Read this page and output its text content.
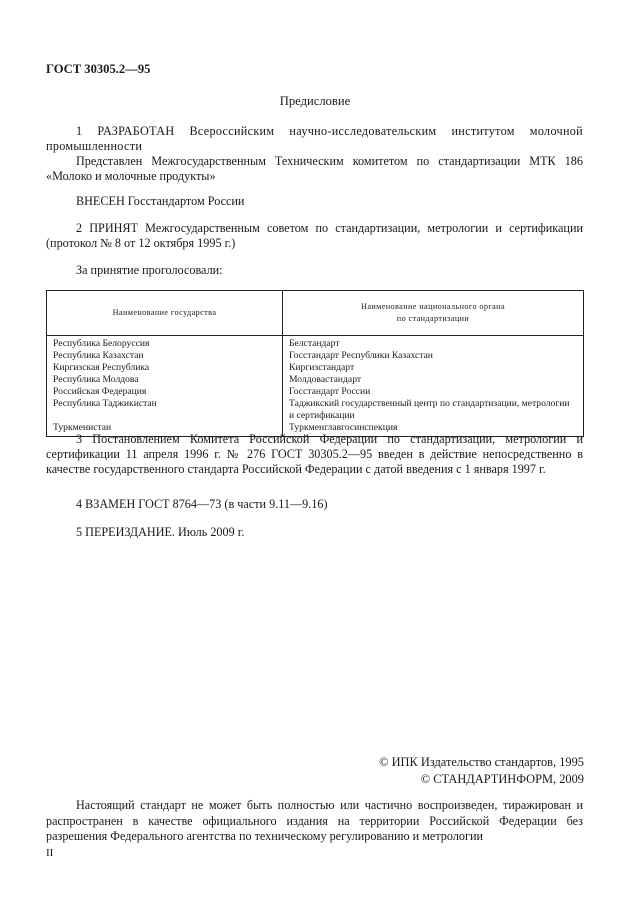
ГОСТ 30305.2—95
Предисловие
1 РАЗРАБОТАН Всероссийским научно-исследовательским институтом молочной промышленности
Представлен Межгосударственным Техническим комитетом по стандартизации МТК 186 «Молоко и молочные продукты»
ВНЕСЕН Госстандартом России
2 ПРИНЯТ Межгосударственным советом по стандартизации, метрологии и сертификации (протокол № 8 от 12 октября 1995 г.)
За принятие проголосовали:
Наименование государства	Наименование национального органа
по стандартизации
Республика Белоруссия	Белстандарт
Республика Казахстан	Госстандарт Республики Казахстан
Киргизская Республика	Киргизстандарт
Республика Молдова	Молдовастандарт
Российская Федерация	Госстандарт России
Республика Таджикистан	Таджикский государственный центр по стандартизации, метрологии и сертификации
Туркменистан	Туркменглавгосинспекция
3 Постановлением Комитета Российской Федерации по стандартизации, метрологии и сертификации 11 апреля 1996 г. № 276 ГОСТ 30305.2—95 введен в действие непосредственно в качестве государственного стандарта Российской Федерации с датой введения с 1 января 1997 г.
4 ВЗАМЕН ГОСТ 8764—73 (в части 9.11—9.16)
5 ПЕРЕИЗДАНИЕ. Июль 2009 г.
© ИПК Издательство стандартов, 1995
© СТАНДАРТИНФОРМ, 2009
Настоящий стандарт не может быть полностью или частично воспроизведен, тиражирован и распространен в качестве официального издания на территории Российской Федерации без разрешения Федерального агентства по техническому регулированию и метрологии
II
